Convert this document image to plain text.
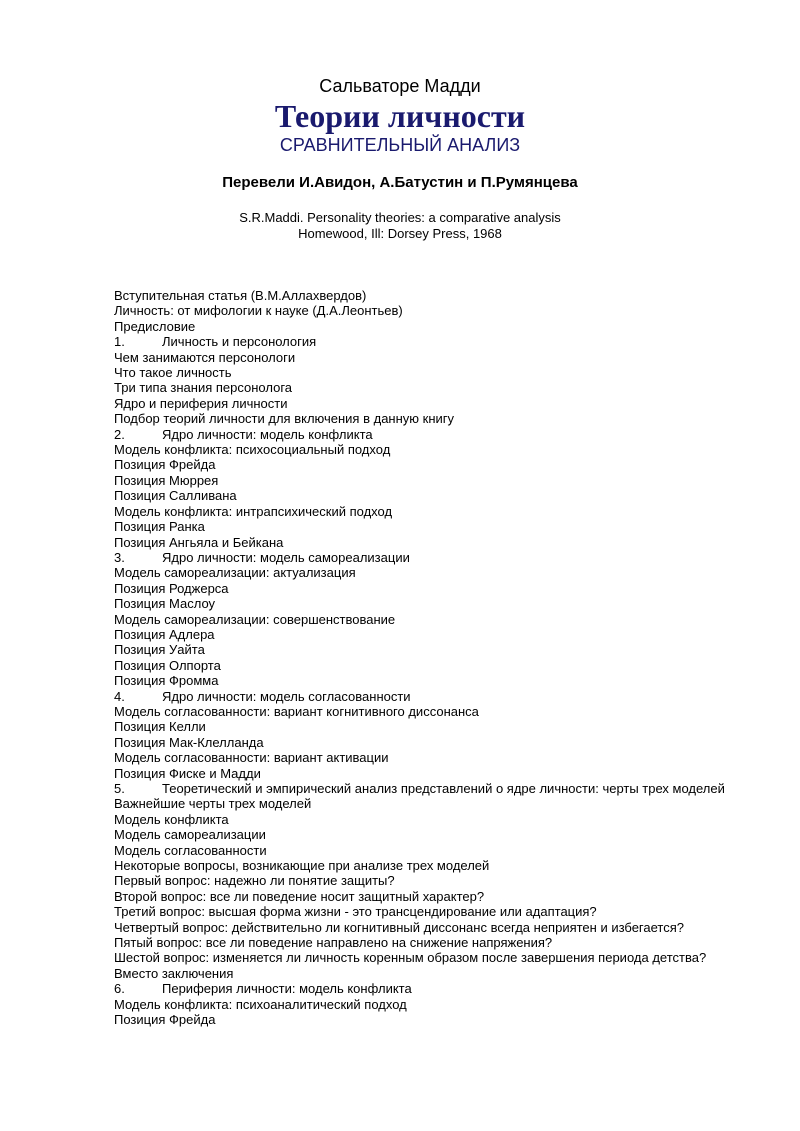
Сальваторе Мадди
Теории личности
СРАВНИТЕЛЬНЫЙ АНАЛИЗ
Перевели И.Авидон, А.Батустин и П.Румянцева
S.R.Maddi. Personality theories: a comparative analysis
Homewood, Ill: Dorsey Press, 1968
Вступительная статья (В.М.Аллахвердов)
Личность: от мифологии к науке (Д.А.Леонтьев)
Предисловие
1.	Личность и персонология
Чем занимаются персонологи
Что такое личность
Три типа знания персонолога
Ядро и периферия личности
Подбор теорий личности для включения в данную книгу
2.	Ядро личности: модель конфликта
Модель конфликта: психосоциальный подход
Позиция Фрейда
Позиция Мюррея
Позиция Салливана
Модель конфликта: интрапсихический подход
Позиция Ранка
Позиция Ангьяла и Бейкана
3.	Ядро личности: модель самореализации
Модель самореализации: актуализация
Позиция Роджерса
Позиция Маслоу
Модель самореализации: совершенствование
Позиция Адлера
Позиция Уайта
Позиция Олпорта
Позиция Фромма
4.	Ядро личности: модель согласованности
Модель согласованности: вариант когнитивного диссонанса
Позиция Келли
Позиция Мак-Клелланда
Модель согласованности: вариант активации
Позиция Фиске и Мадди
5.	Теоретический и эмпирический анализ представлений о ядре личности: черты трех моделей
Важнейшие черты трех моделей
Модель конфликта
Модель самореализации
Модель согласованности
Некоторые вопросы, возникающие при анализе трех моделей
Первый вопрос: надежно ли понятие защиты?
Второй вопрос: все ли поведение носит защитный характер?
Третий вопрос: высшая форма жизни - это трансцендирование или адаптация?
Четвертый вопрос: действительно ли когнитивный диссонанс всегда неприятен и избегается?
Пятый вопрос: все ли поведение направлено на снижение напряжения?
Шестой вопрос: изменяется ли личность коренным образом после завершения периода детства?
Вместо заключения
6.	Периферия личности: модель конфликта
Модель конфликта: психоаналитический подход
Позиция Фрейда
